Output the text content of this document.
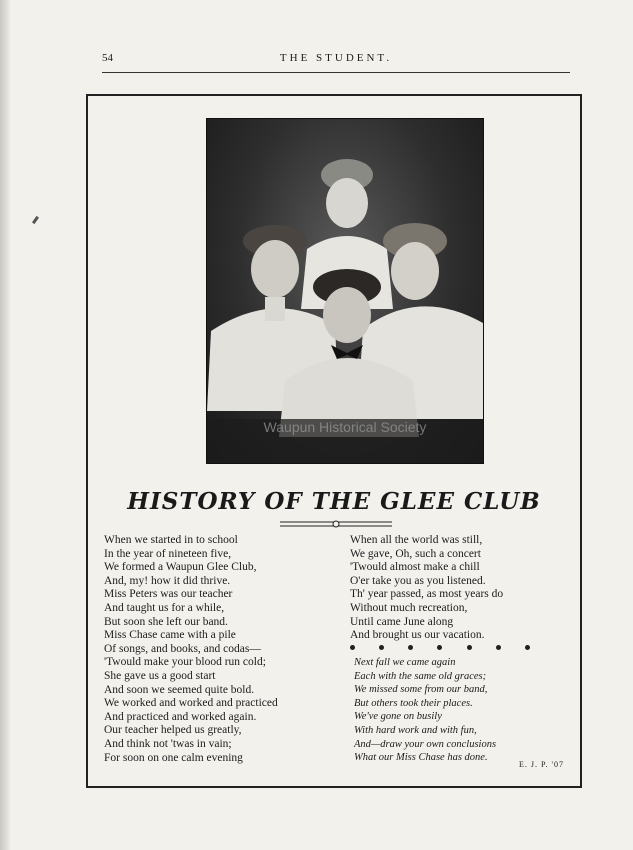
54	THE STUDENT.
Waupun Historical Society
HISTORY OF THE GLEE CLUB
When we started in to school
In the year of nineteen five,
We formed a Waupun Glee Club,
And, my! how it did thrive.
Miss Peters was our teacher
And taught us for a while,
But soon she left our band.
Miss Chase came with a pile
Of songs, and books, and codas—
'Twould make your blood run cold;
She gave us a good start
And soon we seemed quite bold.
We worked and worked and practiced
And practiced and worked again.
Our teacher helped us greatly,
And think not 'twas in vain;
For soon on one calm evening
When all the world was still,
We gave, Oh, such a concert
'Twould almost make a chill
O'er take you as you listened.
Th' year passed, as most years do
Without much recreation,
Until came June along
And brought us our vacation.
Next fall we came again
Each with the same old graces;
We missed some from our band,
But others took their places.
We've gone on busily
With hard work and with fun,
And—draw your own conclusions
What our Miss Chase has done.
E. J. P. '07
